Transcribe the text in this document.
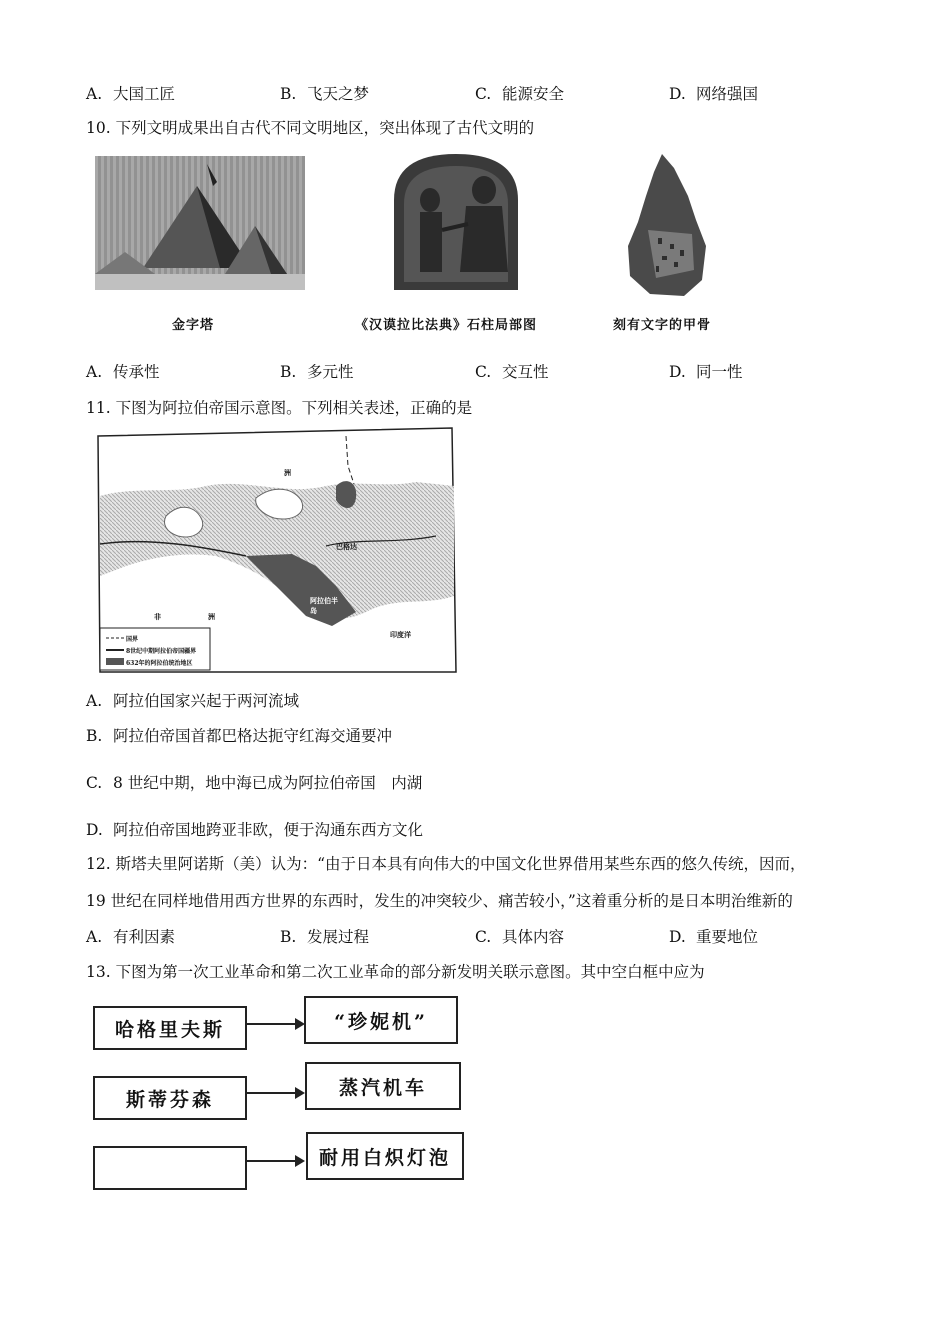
A. 大国工匠	B. 飞天之梦	C. 能源安全	D. 网络强国
10. 下列文明成果出自古代不同文明地区，突出体现了古代文明的
金字塔	《汉谟拉比法典》石柱局部图	刻有文字的甲骨
A. 传承性	B. 多元性	C. 交互性	D. 同一性
11. 下图为阿拉伯帝国示意图。下列相关表述，正确的是
洲
巴格达
阿拉伯半岛
非	洲
印度洋
国界
8世纪中期阿拉伯帝国疆界
632年的阿拉伯统治地区
A. 阿拉伯国家兴起于两河流域
B. 阿拉伯帝国首都巴格达扼守红海交通要冲
C. 8 世纪中期，地中海已成为阿拉伯帝国　内湖
D. 阿拉伯帝国地跨亚非欧，便于沟通东西方文化
12. 斯塔夫里阿诺斯（美）认为：“由于日本具有向伟大的中国文化世界借用某些东西的悠久传统，因而，
19 世纪在同样地借用西方世界的东西时，发生的冲突较少、痛苦较小，”这着重分析的是日本明治维新的
A. 有利因素	B. 发展过程	C. 具体内容	D. 重要地位
13. 下图为第一次工业革命和第二次工业革命的部分新发明关联示意图。其中空白框中应为
哈格里夫斯	“珍妮机”
斯蒂芬森
蒸汽机车
耐用白炽灯泡
